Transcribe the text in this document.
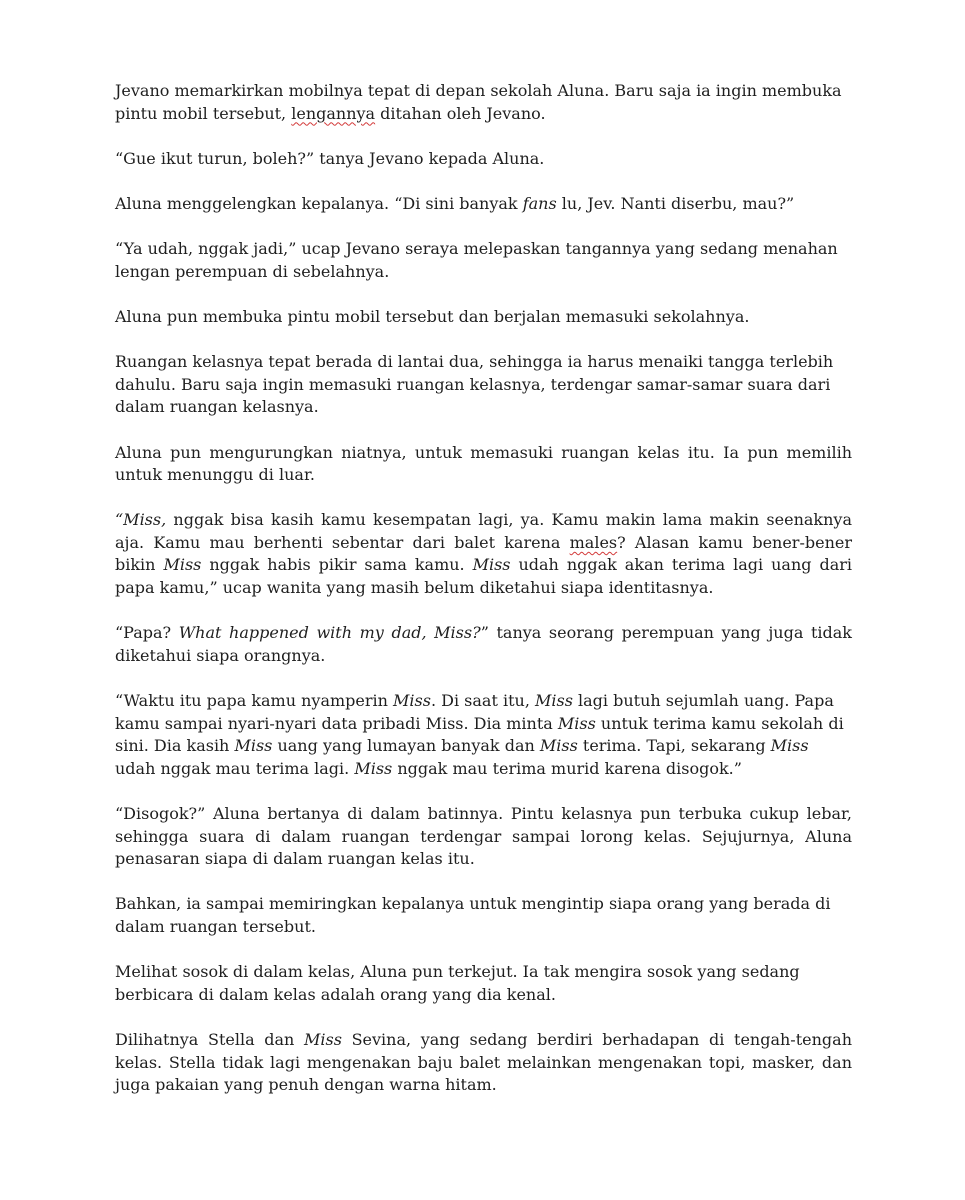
Jevano memarkirkan mobilnya tepat di depan sekolah Aluna. Baru saja ia ingin membuka pintu mobil tersebut, lengannya ditahan oleh Jevano.

“Gue ikut turun, boleh?” tanya Jevano kepada Aluna.

Aluna menggelengkan kepalanya. “Di sini banyak fans lu, Jev. Nanti diserbu, mau?”

“Ya udah, nggak jadi,” ucap Jevano seraya melepaskan tangannya yang sedang menahan lengan perempuan di sebelahnya.

Aluna pun membuka pintu mobil tersebut dan berjalan memasuki sekolahnya.

Ruangan kelasnya tepat berada di lantai dua, sehingga ia harus menaiki tangga terlebih dahulu. Baru saja ingin memasuki ruangan kelasnya, terdengar samar-samar suara dari dalam ruangan kelasnya.

Aluna pun mengurungkan niatnya, untuk memasuki ruangan kelas itu. Ia pun memilih untuk menunggu di luar.

“Miss, nggak bisa kasih kamu kesempatan lagi, ya. Kamu makin lama makin seenaknya aja. Kamu mau berhenti sebentar dari balet karena males? Alasan kamu bener-bener bikin Miss nggak habis pikir sama kamu. Miss udah nggak akan terima lagi uang dari papa kamu,” ucap wanita yang masih belum diketahui siapa identitasnya.

“Papa? What happened with my dad, Miss?” tanya seorang perempuan yang juga tidak diketahui siapa orangnya.

“Waktu itu papa kamu nyamperin Miss. Di saat itu, Miss lagi butuh sejumlah uang. Papa kamu sampai nyari-nyari data pribadi Miss. Dia minta Miss untuk terima kamu sekolah di sini. Dia kasih Miss uang yang lumayan banyak dan Miss terima. Tapi, sekarang Miss udah nggak mau terima lagi. Miss nggak mau terima murid karena disogok.”

“Disogok?” Aluna bertanya di dalam batinnya. Pintu kelasnya pun terbuka cukup lebar, sehingga suara di dalam ruangan terdengar sampai lorong kelas. Sejujurnya, Aluna penasaran siapa di dalam ruangan kelas itu.

Bahkan, ia sampai memiringkan kepalanya untuk mengintip siapa orang yang berada di dalam ruangan tersebut.

Melihat sosok di dalam kelas, Aluna pun terkejut. Ia tak mengira sosok yang sedang berbicara di dalam kelas adalah orang yang dia kenal.

Dilihatnya Stella dan Miss Sevina, yang sedang berdiri berhadapan di tengah-tengah kelas. Stella tidak lagi mengenakan baju balet melainkan mengenakan topi, masker, dan juga pakaian yang penuh dengan warna hitam.
